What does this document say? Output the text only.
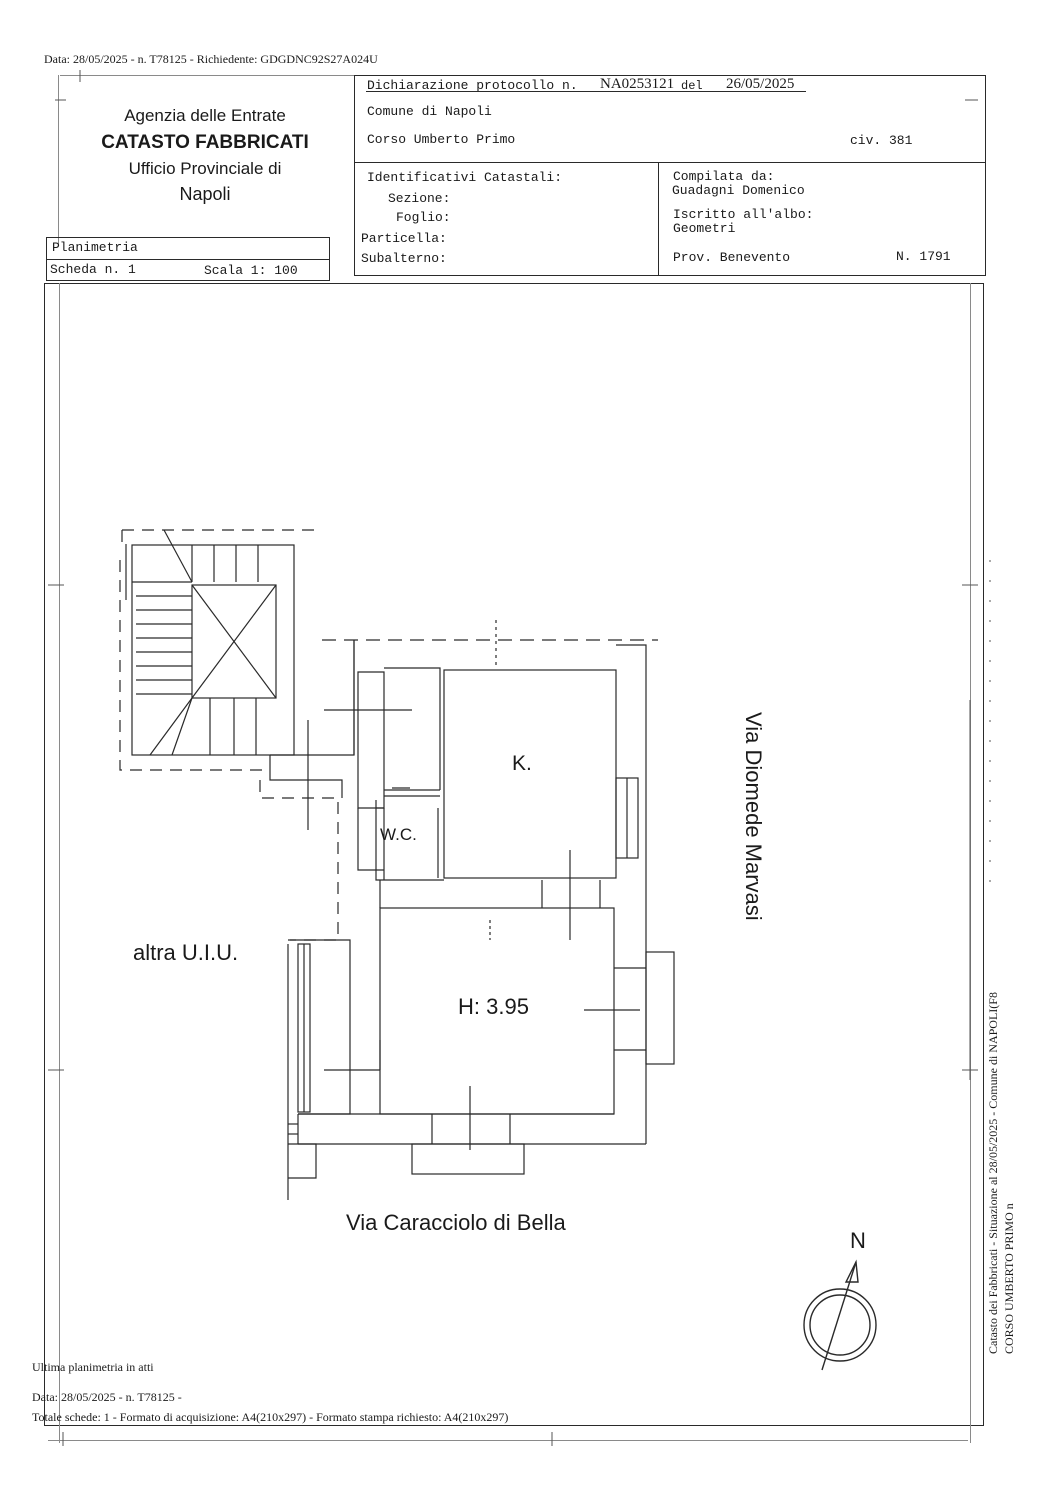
Data: 28/05/2025 - n. T78125 - Richiedente: GDGDNC92S27A024U
Agenzia delle Entrate
CATASTO FABBRICATI
Ufficio Provinciale di
Napoli
Planimetria
Scheda n. 1	Scala 1: 100
Dichiarazione protocollo n. NA0253121 del 26/05/2025
Comune di Napoli
Corso Umberto Primo	civ. 381
Identificativi Catastali:
Sezione:
Foglio:
Particella:
Subalterno:
Compilata da:
Guadagni Domenico
Iscritto all'albo:
Geometri
Prov. Benevento	N. 1791
K.
W.C.
H: 3.95
altra U.I.U.
Via Caracciolo di Bella
N
Via Diomede Marvasi
Catasto dei Fabbricati - Situazione al 28/05/2025 - Comune di NAPOLI(F8 CORSO UMBERTO PRIMO n
Ultima planimetria in atti
Data: 28/05/2025 - n. T78125 -
Totale schede: 1 - Formato di acquisizione: A4(210x297) - Formato stampa richiesto: A4(210x297)
